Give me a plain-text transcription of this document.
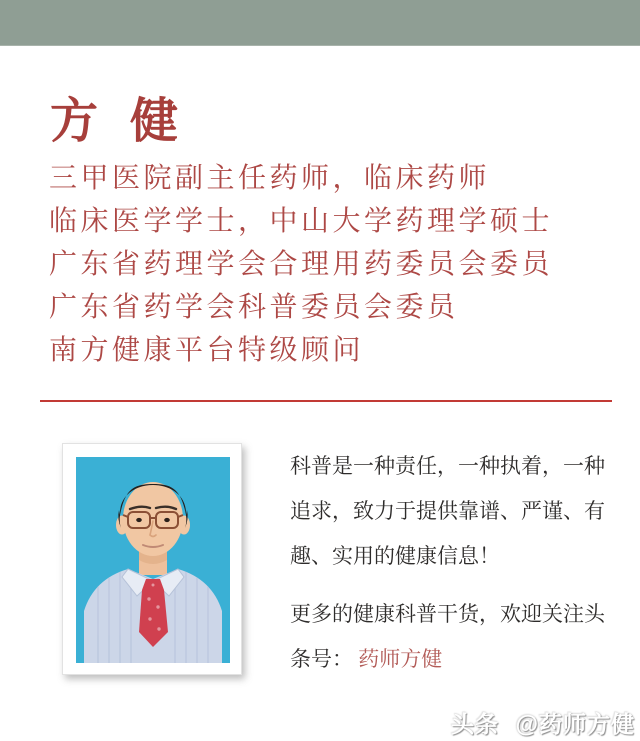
方 健
三甲医院副主任药师，临床药师
临床医学学士，中山大学药理学硕士
广东省药理学会合理用药委员会委员
广东省药学会科普委员会委员
南方健康平台特级顾问
科普是一种责任，一种执着，一种
追求，致力于提供靠谱、严谨、有
趣、实用的健康信息！
更多的健康科普干货，欢迎关注头
条号： 药师方健
头条 @药师方健
